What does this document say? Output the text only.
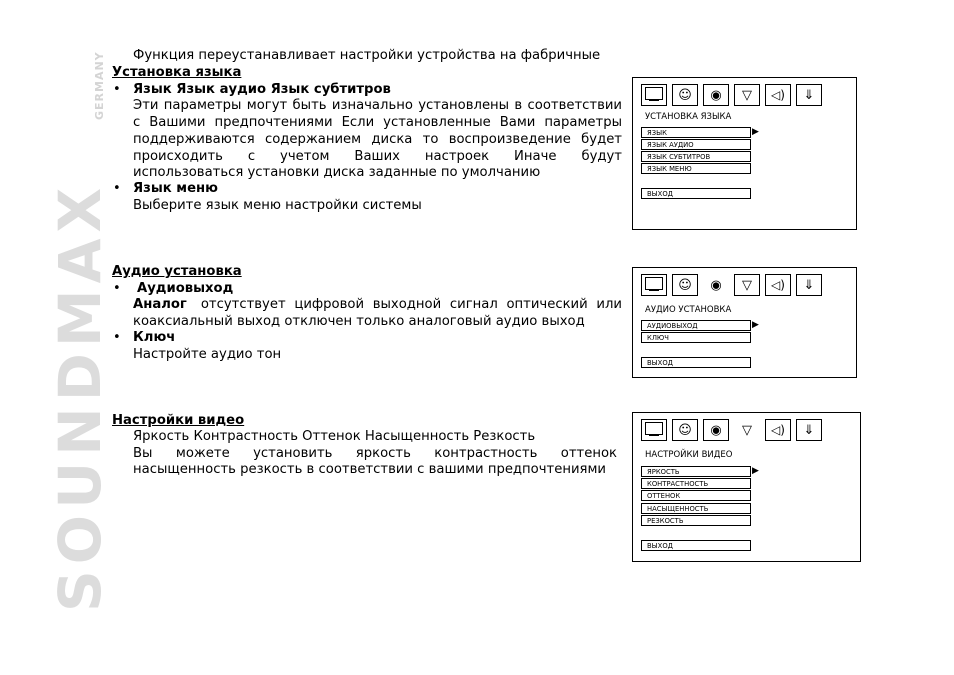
SOUNDMAX
GERMANY Функция переустанавливает настройки устройства на фабричные
Установка языка
• Язык Язык аудио Язык субтитров
Эти параметры могут быть изначально установлены в соответствии
с Вашими предпочтениями Если установленные Вами параметры
поддерживаются содержанием диска то воспроизведение будет
происходить с учетом Ваших настроек Иначе будут
использоваться установки диска заданные по умолчанию
• Язык меню
Выберите язык меню настройки системы
Аудио установка
• Аудиовыход
Аналог отсутствует цифровой выходной сигнал оптический или
коаксиальный выход отключен только аналоговый аудио выход
• Ключ
Настройте аудио тон
Настройки видео
Яркость Контрастность Оттенок Насыщенность Резкость
Вы можете установить яркость контрастность оттенок
насыщенность резкость в соответствии с вашими предпочтениями
☺	◉	▽	◁)	⇓
УСТАНОВКА ЯЗЫКА
ЯЗЫК	▶
ЯЗЫК АУДИО
ЯЗЫК СУБТИТРОВ
ЯЗЫК МЕНЮ
ВЫХОД
☺	◉	▽	◁)	⇓
АУДИО УСТАНОВКА
АУДИОВЫХОД	▶
КЛЮЧ
ВЫХОД
☺	◉	▽	◁)	⇓
НАСТРОЙКИ ВИДЕО
ЯРКОСТЬ	▶
КОНТРАСТНОСТЬ
ОТТЕНОК
НАСЫЩЕННОСТЬ
РЕЗКОСТЬ
ВЫХОД
